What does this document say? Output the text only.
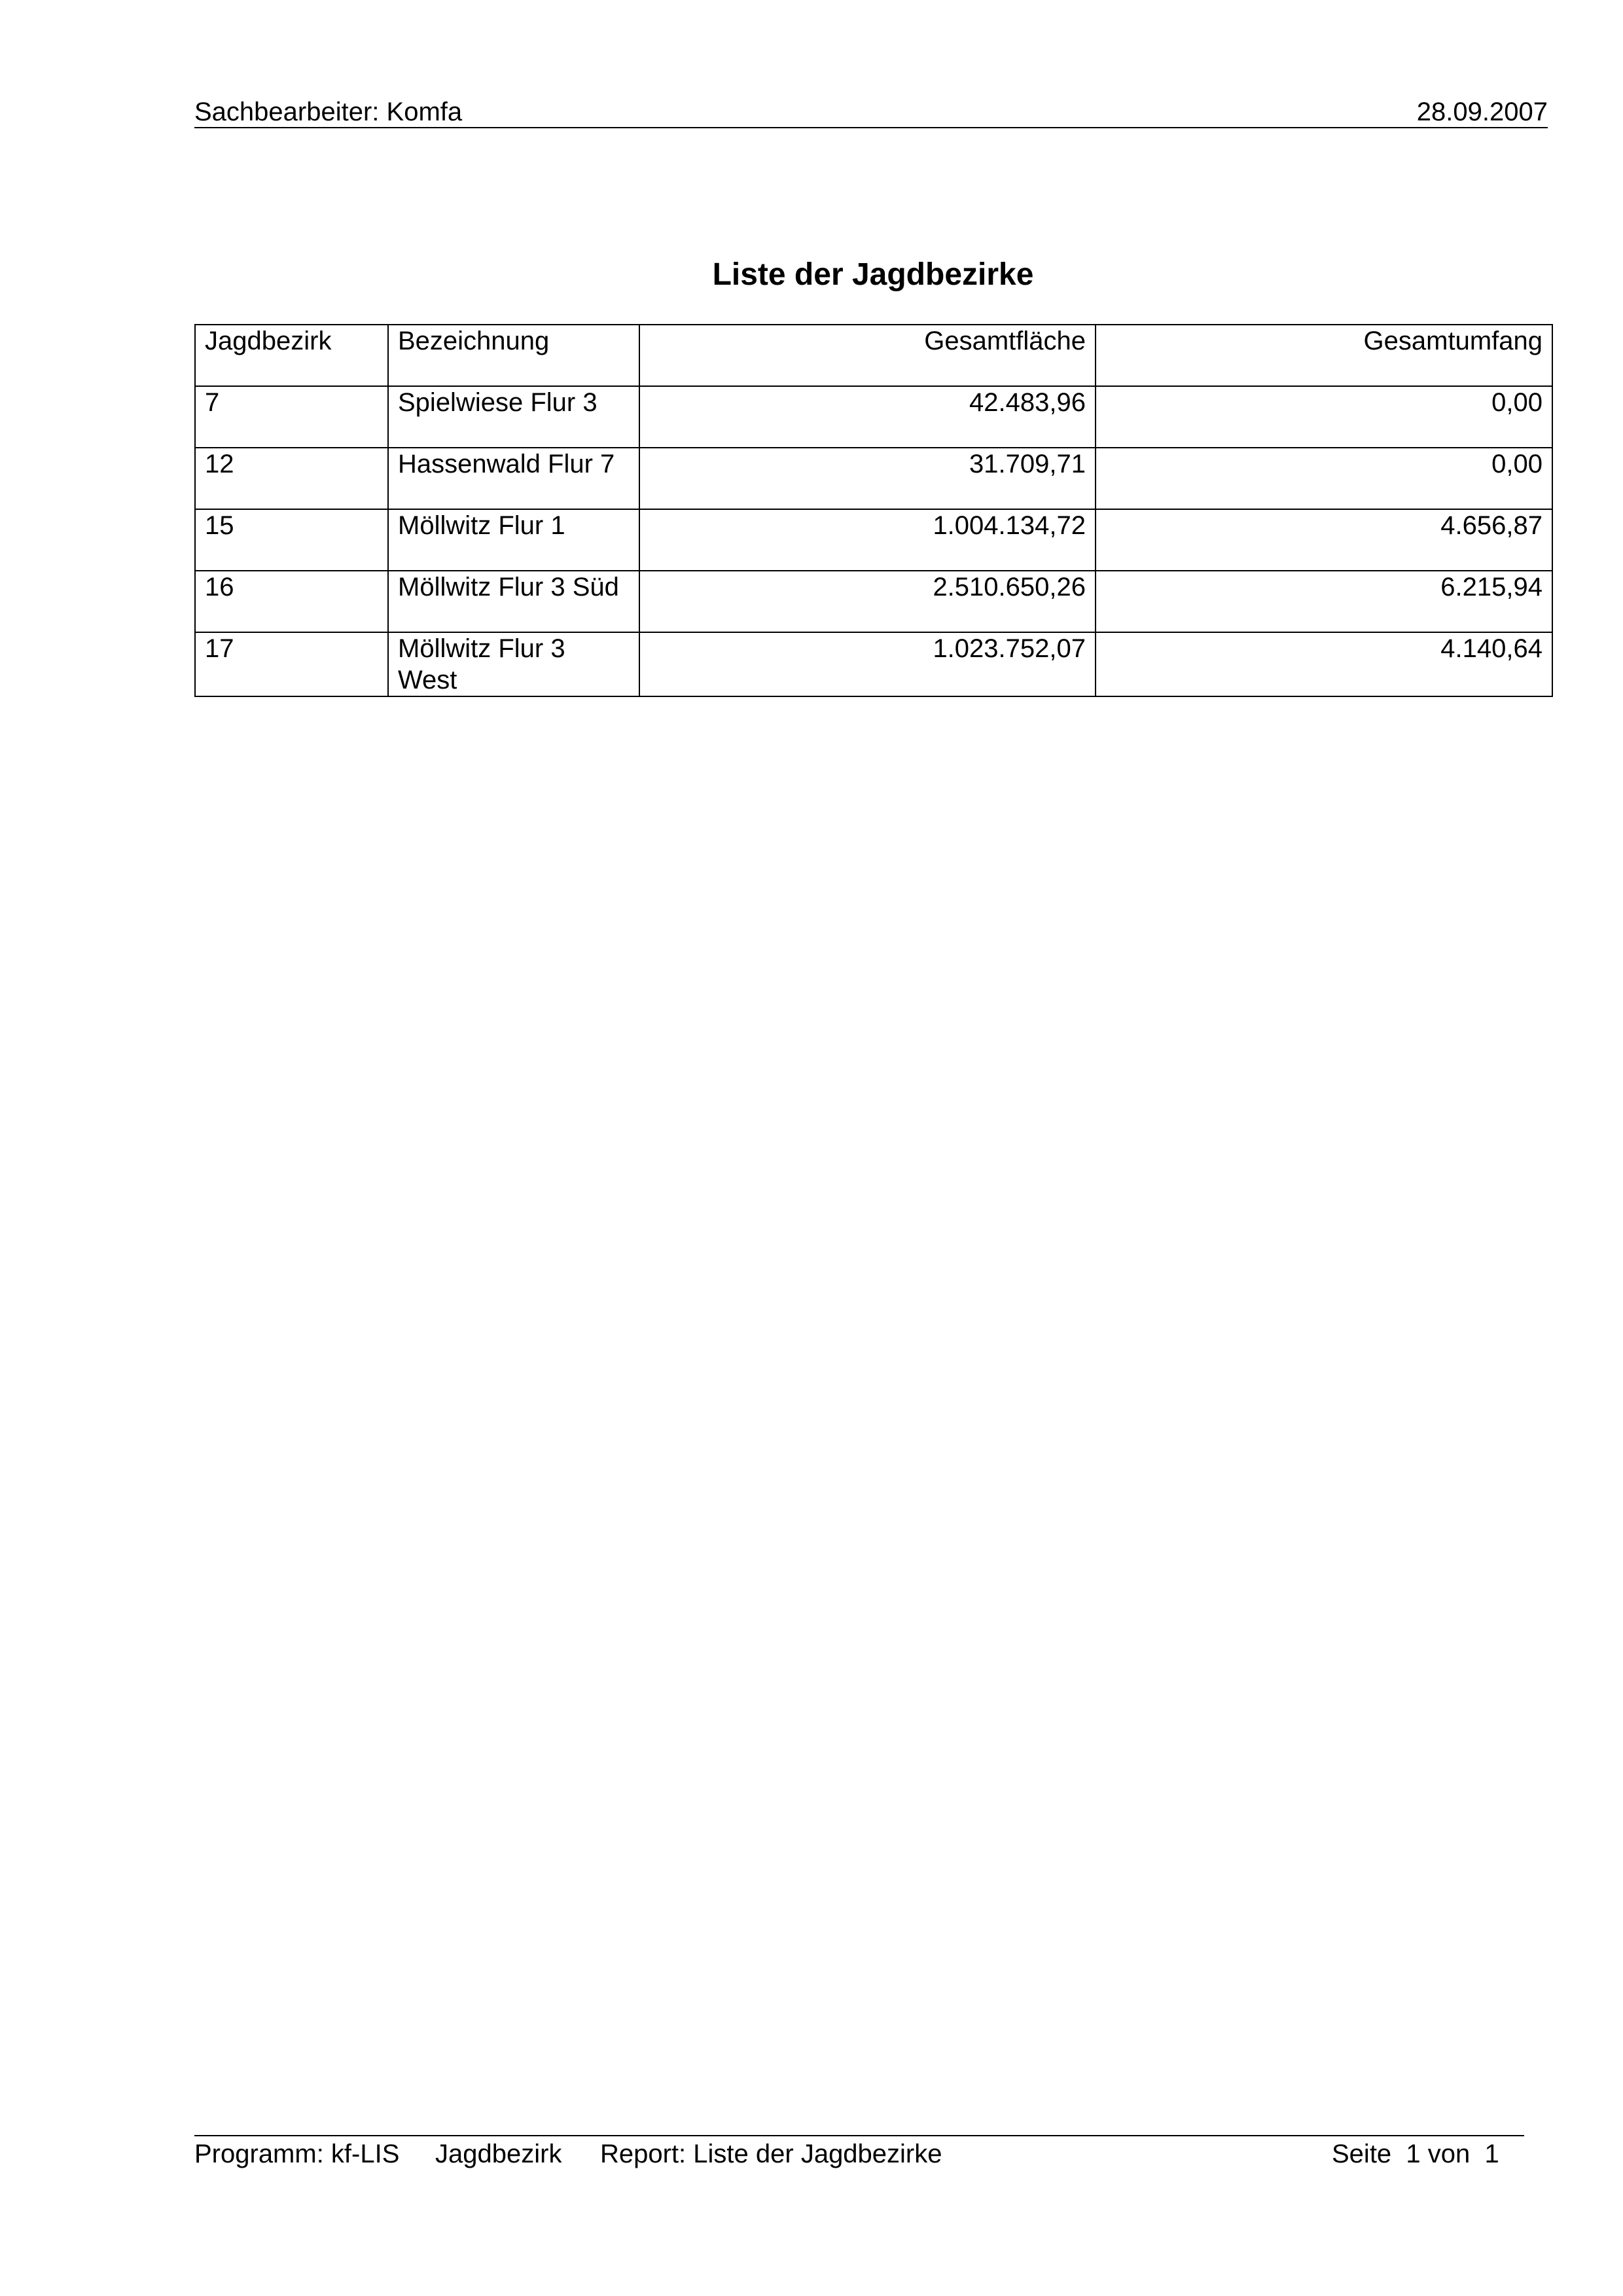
Sachbearbeiter: Komfa	28.09.2007
Liste der Jagdbezirke
Jagdbezirk	Bezeichnung	Gesamtfläche	Gesamtumfang
7	Spielwiese Flur 3	42.483,96	0,00
12	Hassenwald Flur 7	31.709,71	0,00
15	Möllwitz Flur 1	1.004.134,72	4.656,87
16	Möllwitz Flur 3 Süd	2.510.650,26	6.215,94
17	Möllwitz Flur 3 West	1.023.752,07	4.140,64
Programm: kf-LIS Jagdbezirk Report: Liste der Jagdbezirke	Seite  1 von  1
